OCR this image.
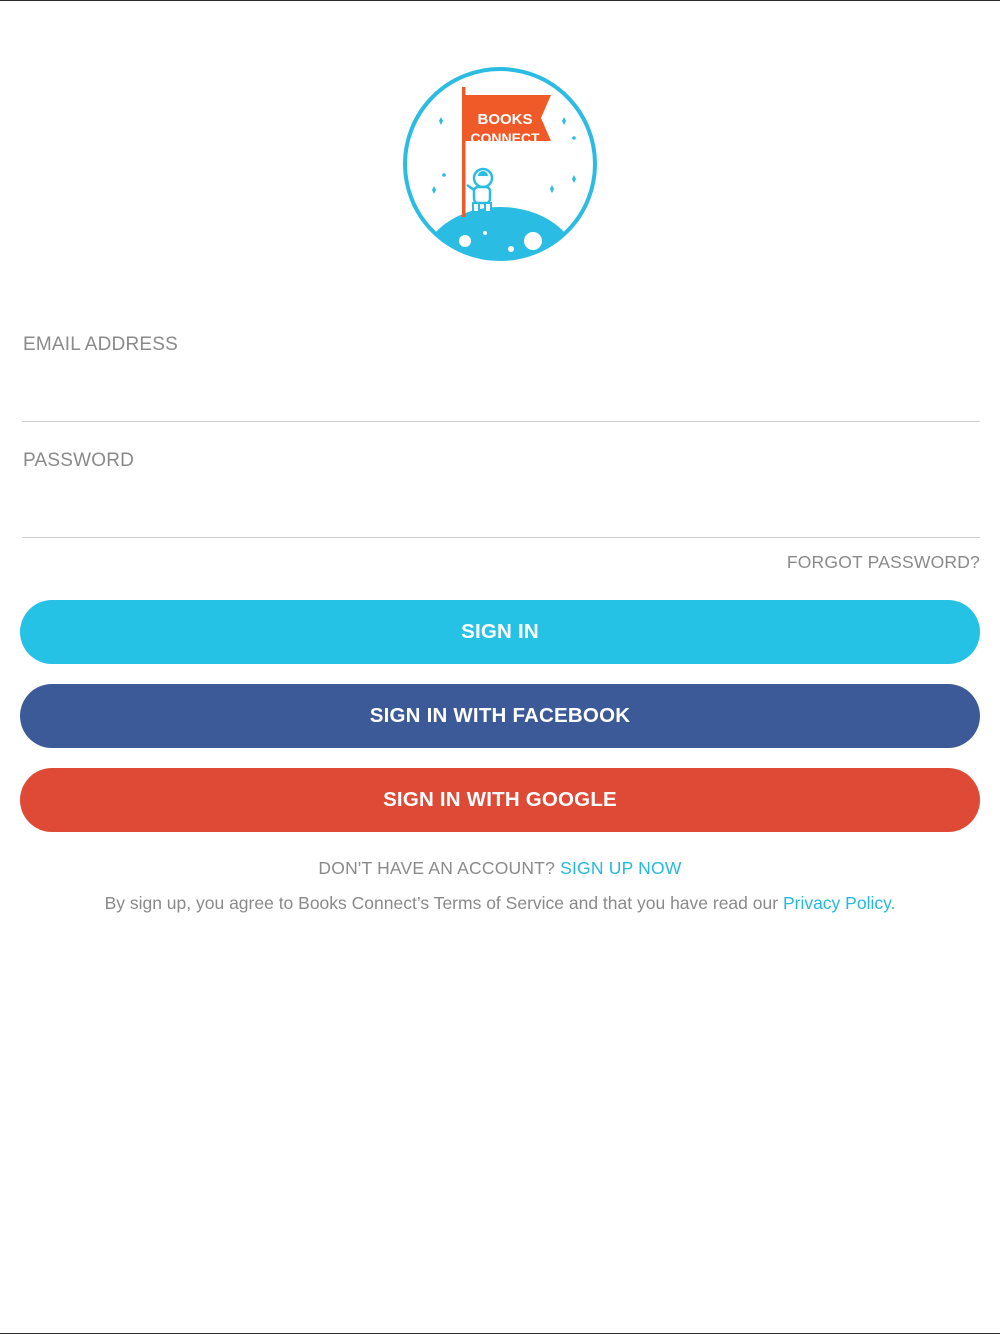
BOOKS
CONNECT
EMAIL ADDRESS
PASSWORD
FORGOT PASSWORD?
SIGN IN
SIGN IN WITH FACEBOOK
SIGN IN WITH GOOGLE
DON'T HAVE AN ACCOUNT? SIGN UP NOW
By sign up, you agree to Books Connect’s Terms of Service and that you have read our Privacy Policy.
